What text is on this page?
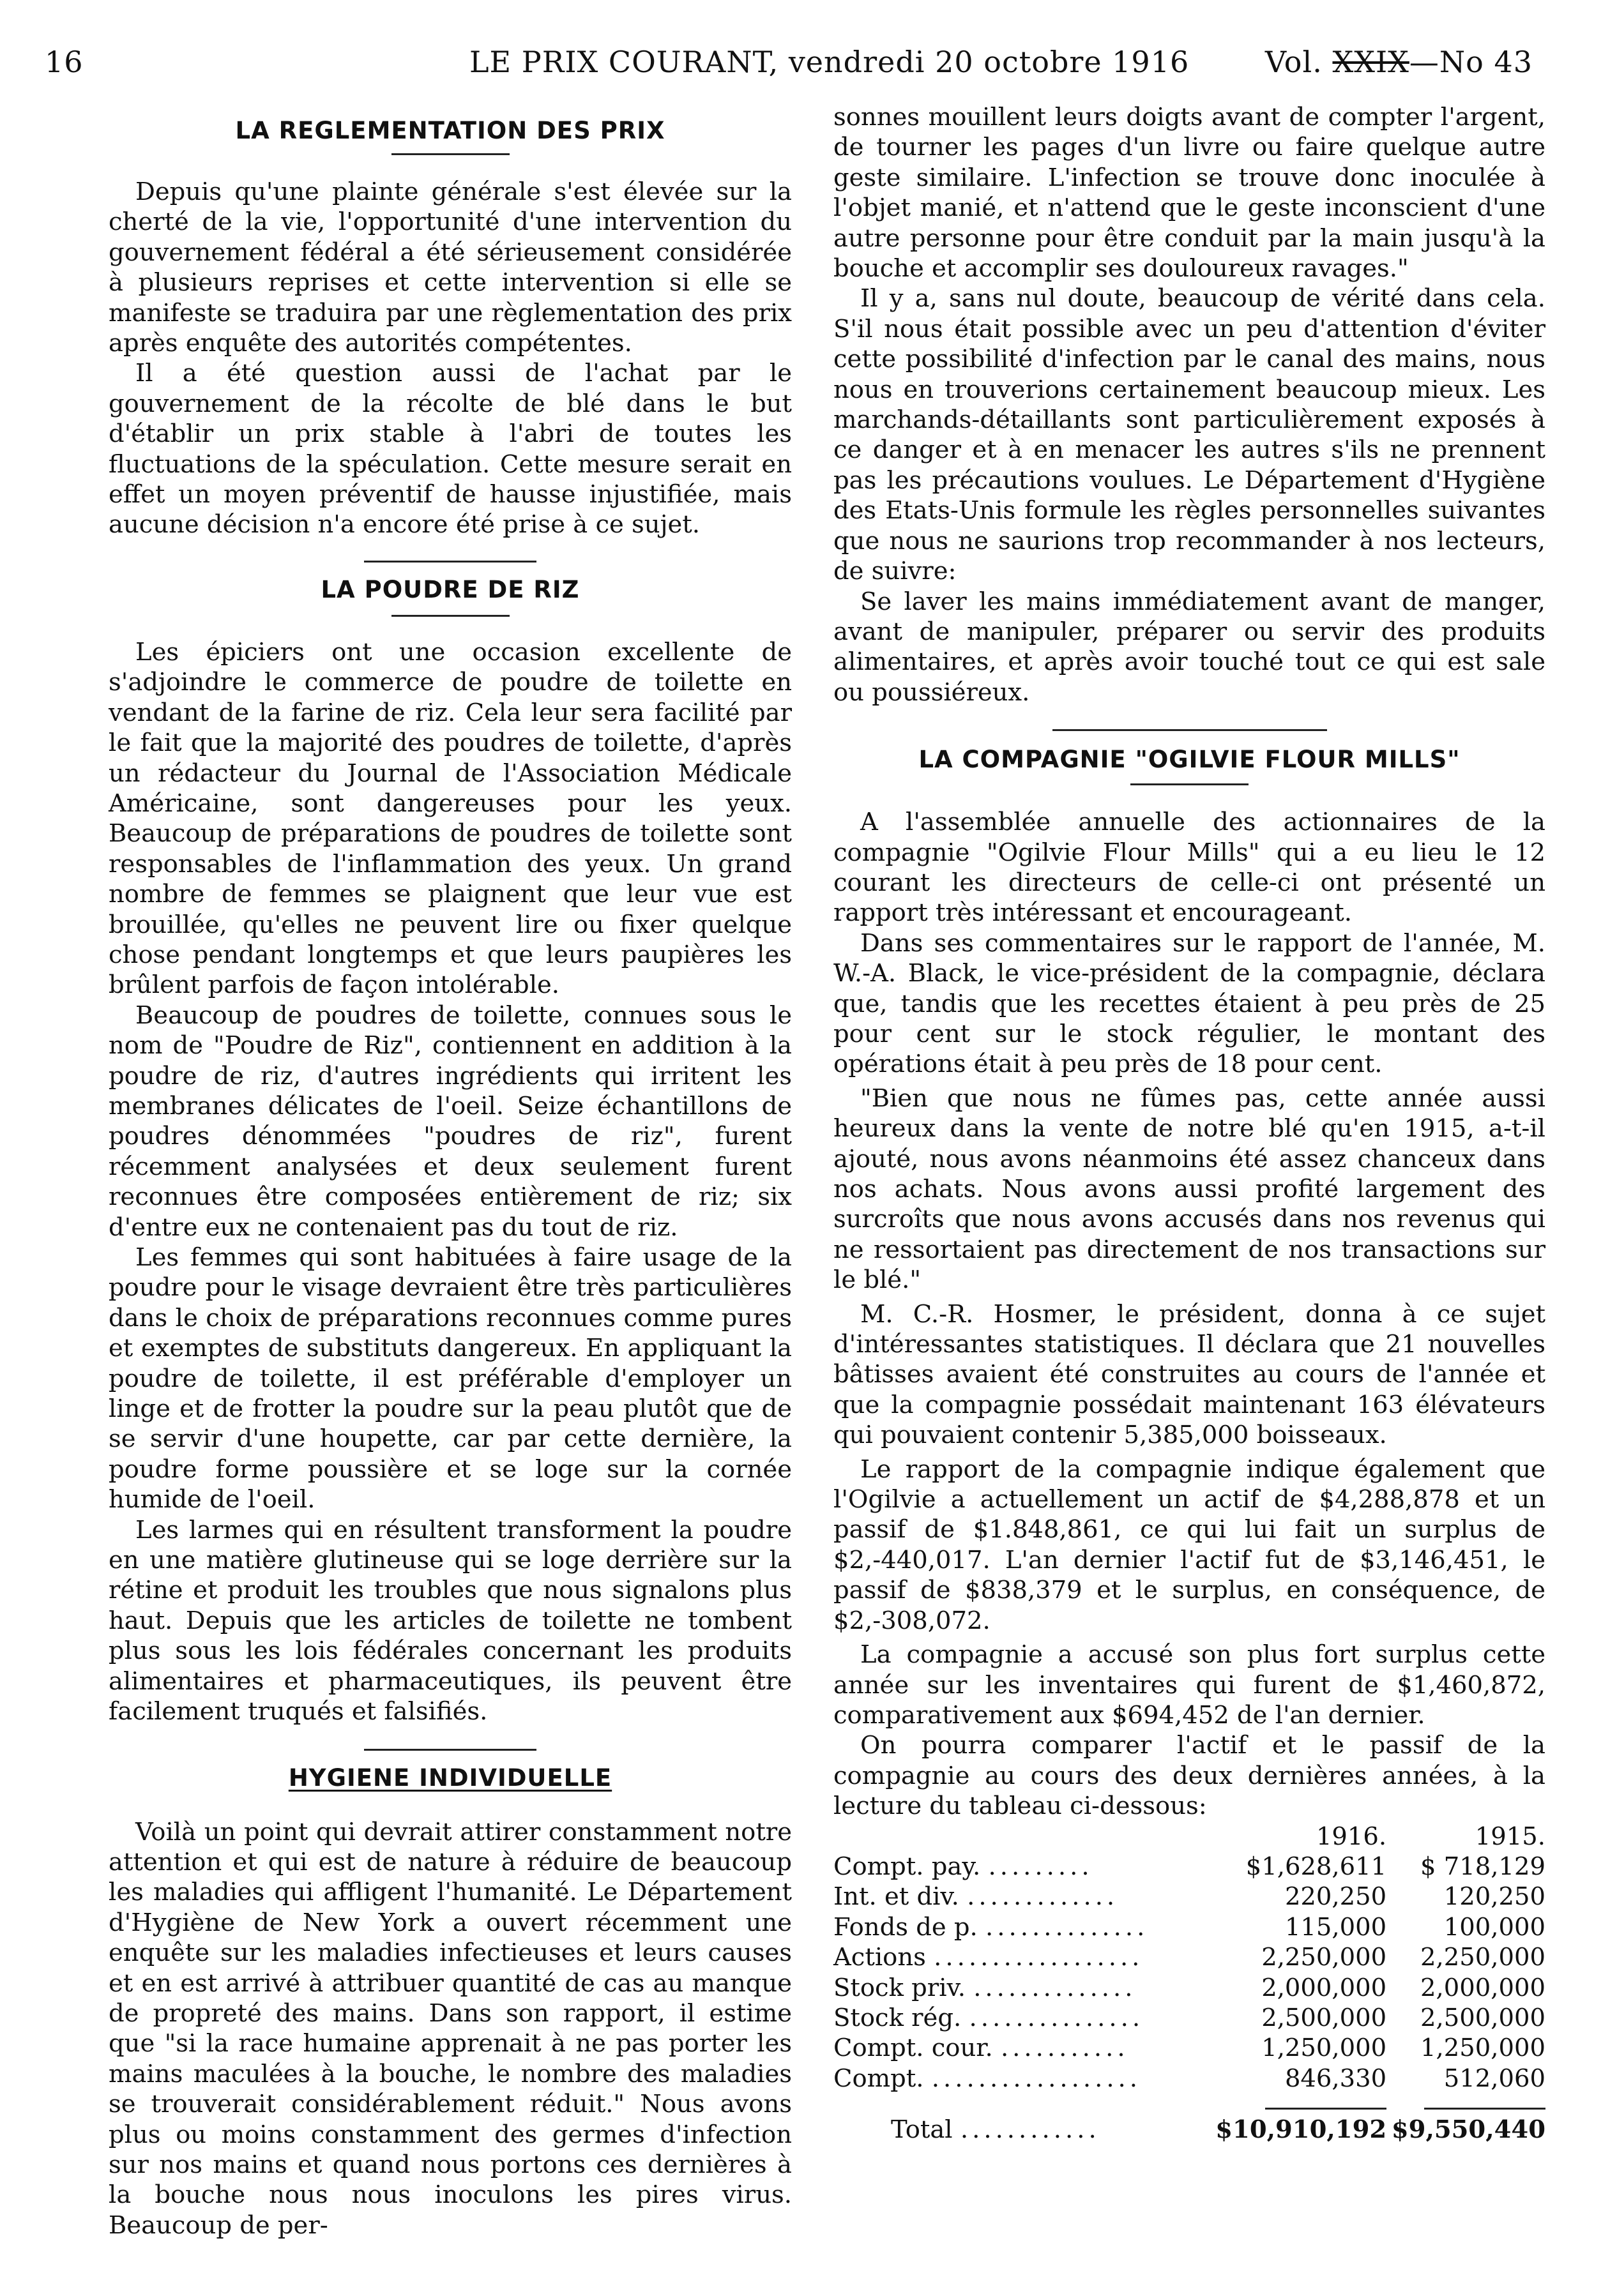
16	LE PRIX COURANT, vendredi 20 octobre 1916	Vol. XXIX—No 43
LA REGLEMENTATION DES PRIX

Depuis qu'une plainte générale s'est élevée sur la cherté de la vie, l'opportunité d'une intervention du gouvernement fédéral a été sérieusement considérée à plusieurs reprises et cette intervention si elle se manifeste se traduira par une règlementation des prix après enquête des autorités compétentes.

Il a été question aussi de l'achat par le gouvernement de la récolte de blé dans le but d'établir un prix stable à l'abri de toutes les fluctuations de la spéculation. Cette mesure serait en effet un moyen préventif de hausse injustifiée, mais aucune décision n'a encore été prise à ce sujet.

LA POUDRE DE RIZ

Les épiciers ont une occasion excellente de s'adjoindre le commerce de poudre de toilette en vendant de la farine de riz. Cela leur sera facilité par le fait que la majorité des poudres de toilette, d'après un rédacteur du Journal de l'Association Médicale Américaine, sont dangereuses pour les yeux. Beaucoup de préparations de poudres de toilette sont responsables de l'inflammation des yeux. Un grand nombre de femmes se plaignent que leur vue est brouillée, qu'elles ne peuvent lire ou fixer quelque chose pendant longtemps et que leurs paupières les brûlent parfois de façon intolérable.

Beaucoup de poudres de toilette, connues sous le nom de "Poudre de Riz", contiennent en addition à la poudre de riz, d'autres ingrédients qui irritent les membranes délicates de l'oeil. Seize échantillons de poudres dénommées "poudres de riz", furent récemment analysées et deux seulement furent reconnues être composées entièrement de riz; six d'entre eux ne contenaient pas du tout de riz.

Les femmes qui sont habituées à faire usage de la poudre pour le visage devraient être très particulières dans le choix de préparations reconnues comme pures et exemptes de substituts dangereux. En appliquant la poudre de toilette, il est préférable d'employer un linge et de frotter la poudre sur la peau plutôt que de se servir d'une houpette, car par cette dernière, la poudre forme poussière et se loge sur la cornée humide de l'oeil.

Les larmes qui en résultent transforment la poudre en une matière glutineuse qui se loge derrière sur la rétine et produit les troubles que nous signalons plus haut. Depuis que les articles de toilette ne tombent plus sous les lois fédérales concernant les produits alimentaires et pharmaceutiques, ils peuvent être facilement truqués et falsifiés.

HYGIENE INDIVIDUELLE

Voilà un point qui devrait attirer constamment notre attention et qui est de nature à réduire de beaucoup les maladies qui affligent l'humanité. Le Département d'Hygiène de New York a ouvert récemment une enquête sur les maladies infectieuses et leurs causes et en est arrivé à attribuer quantité de cas au manque de propreté des mains. Dans son rapport, il estime que "si la race humaine apprenait à ne pas porter les mains maculées à la bouche, le nombre des maladies se trouverait considérablement réduit." Nous avons plus ou moins constamment des germes d'infection sur nos mains et quand nous portons ces dernières à la bouche nous nous inoculons les pires virus. Beaucoup de per-

sonnes mouillent leurs doigts avant de compter l'argent, de tourner les pages d'un livre ou faire quelque autre geste similaire. L'infection se trouve donc inoculée à l'objet manié, et n'attend que le geste inconscient d'une autre personne pour être conduit par la main jusqu'à la bouche et accomplir ses douloureux ravages."

Il y a, sans nul doute, beaucoup de vérité dans cela. S'il nous était possible avec un peu d'attention d'éviter cette possibilité d'infection par le canal des mains, nous nous en trouverions certainement beaucoup mieux. Les marchands-détaillants sont particulièrement exposés à ce danger et à en menacer les autres s'ils ne prennent pas les précautions voulues. Le Département d'Hygiène des Etats-Unis formule les règles personnelles suivantes que nous ne saurions trop recommander à nos lecteurs, de suivre:

Se laver les mains immédiatement avant de manger, avant de manipuler, préparer ou servir des produits alimentaires, et après avoir touché tout ce qui est sale ou poussiéreux.

LA COMPAGNIE "OGILVIE FLOUR MILLS"

A l'assemblée annuelle des actionnaires de la compagnie "Ogilvie Flour Mills" qui a eu lieu le 12 courant les directeurs de celle-ci ont présenté un rapport très intéressant et encourageant.

Dans ses commentaires sur le rapport de l'année, M. W.-A. Black, le vice-président de la compagnie, déclara que, tandis que les recettes étaient à peu près de 25 pour cent sur le stock régulier, le montant des opérations était à peu près de 18 pour cent.

"Bien que nous ne fûmes pas, cette année aussi heureux dans la vente de notre blé qu'en 1915, a-t-il ajouté, nous avons néanmoins été assez chanceux dans nos achats. Nous avons aussi profité largement des surcroîts que nous avons accusés dans nos revenus qui ne ressortaient pas directement de nos transactions sur le blé."

M. C.-R. Hosmer, le président, donna à ce sujet d'intéressantes statistiques. Il déclara que 21 nouvelles bâtisses avaient été construites au cours de l'année et que la compagnie possédait maintenant 163 élévateurs qui pouvaient contenir 5,385,000 boisseaux.

Le rapport de la compagnie indique également que l'Ogilvie a actuellement un actif de $4,288,878 et un passif de $1.848,861, ce qui lui fait un surplus de $2,-440,017. L'an dernier l'actif fut de $3,146,451, le passif de $838,379 et le surplus, en conséquence, de $2,-308,072.

La compagnie a accusé son plus fort surplus cette année sur les inventaires qui furent de $1,460,872, comparativement aux $694,452 de l'an dernier.

On pourra comparer l'actif et le passif de la compagnie au cours des deux dernières années, à la lecture du tableau ci-dessous:

	1916.	1915.
Compt. pay. .........	$1,628,611	$ 718,129
Int. et div. .............	220,250	120,250
Fonds de p. ..............	115,000	100,000
Actions ..................	2,250,000	2,250,000
Stock priv. ..............	2,000,000	2,000,000
Stock rég. ...............	2,500,000	2,500,000
Compt. cour. ...........	1,250,000	1,250,000
Compt. ..................	846,330	512,060

Total ............	$10,910,192	$9,550,440
